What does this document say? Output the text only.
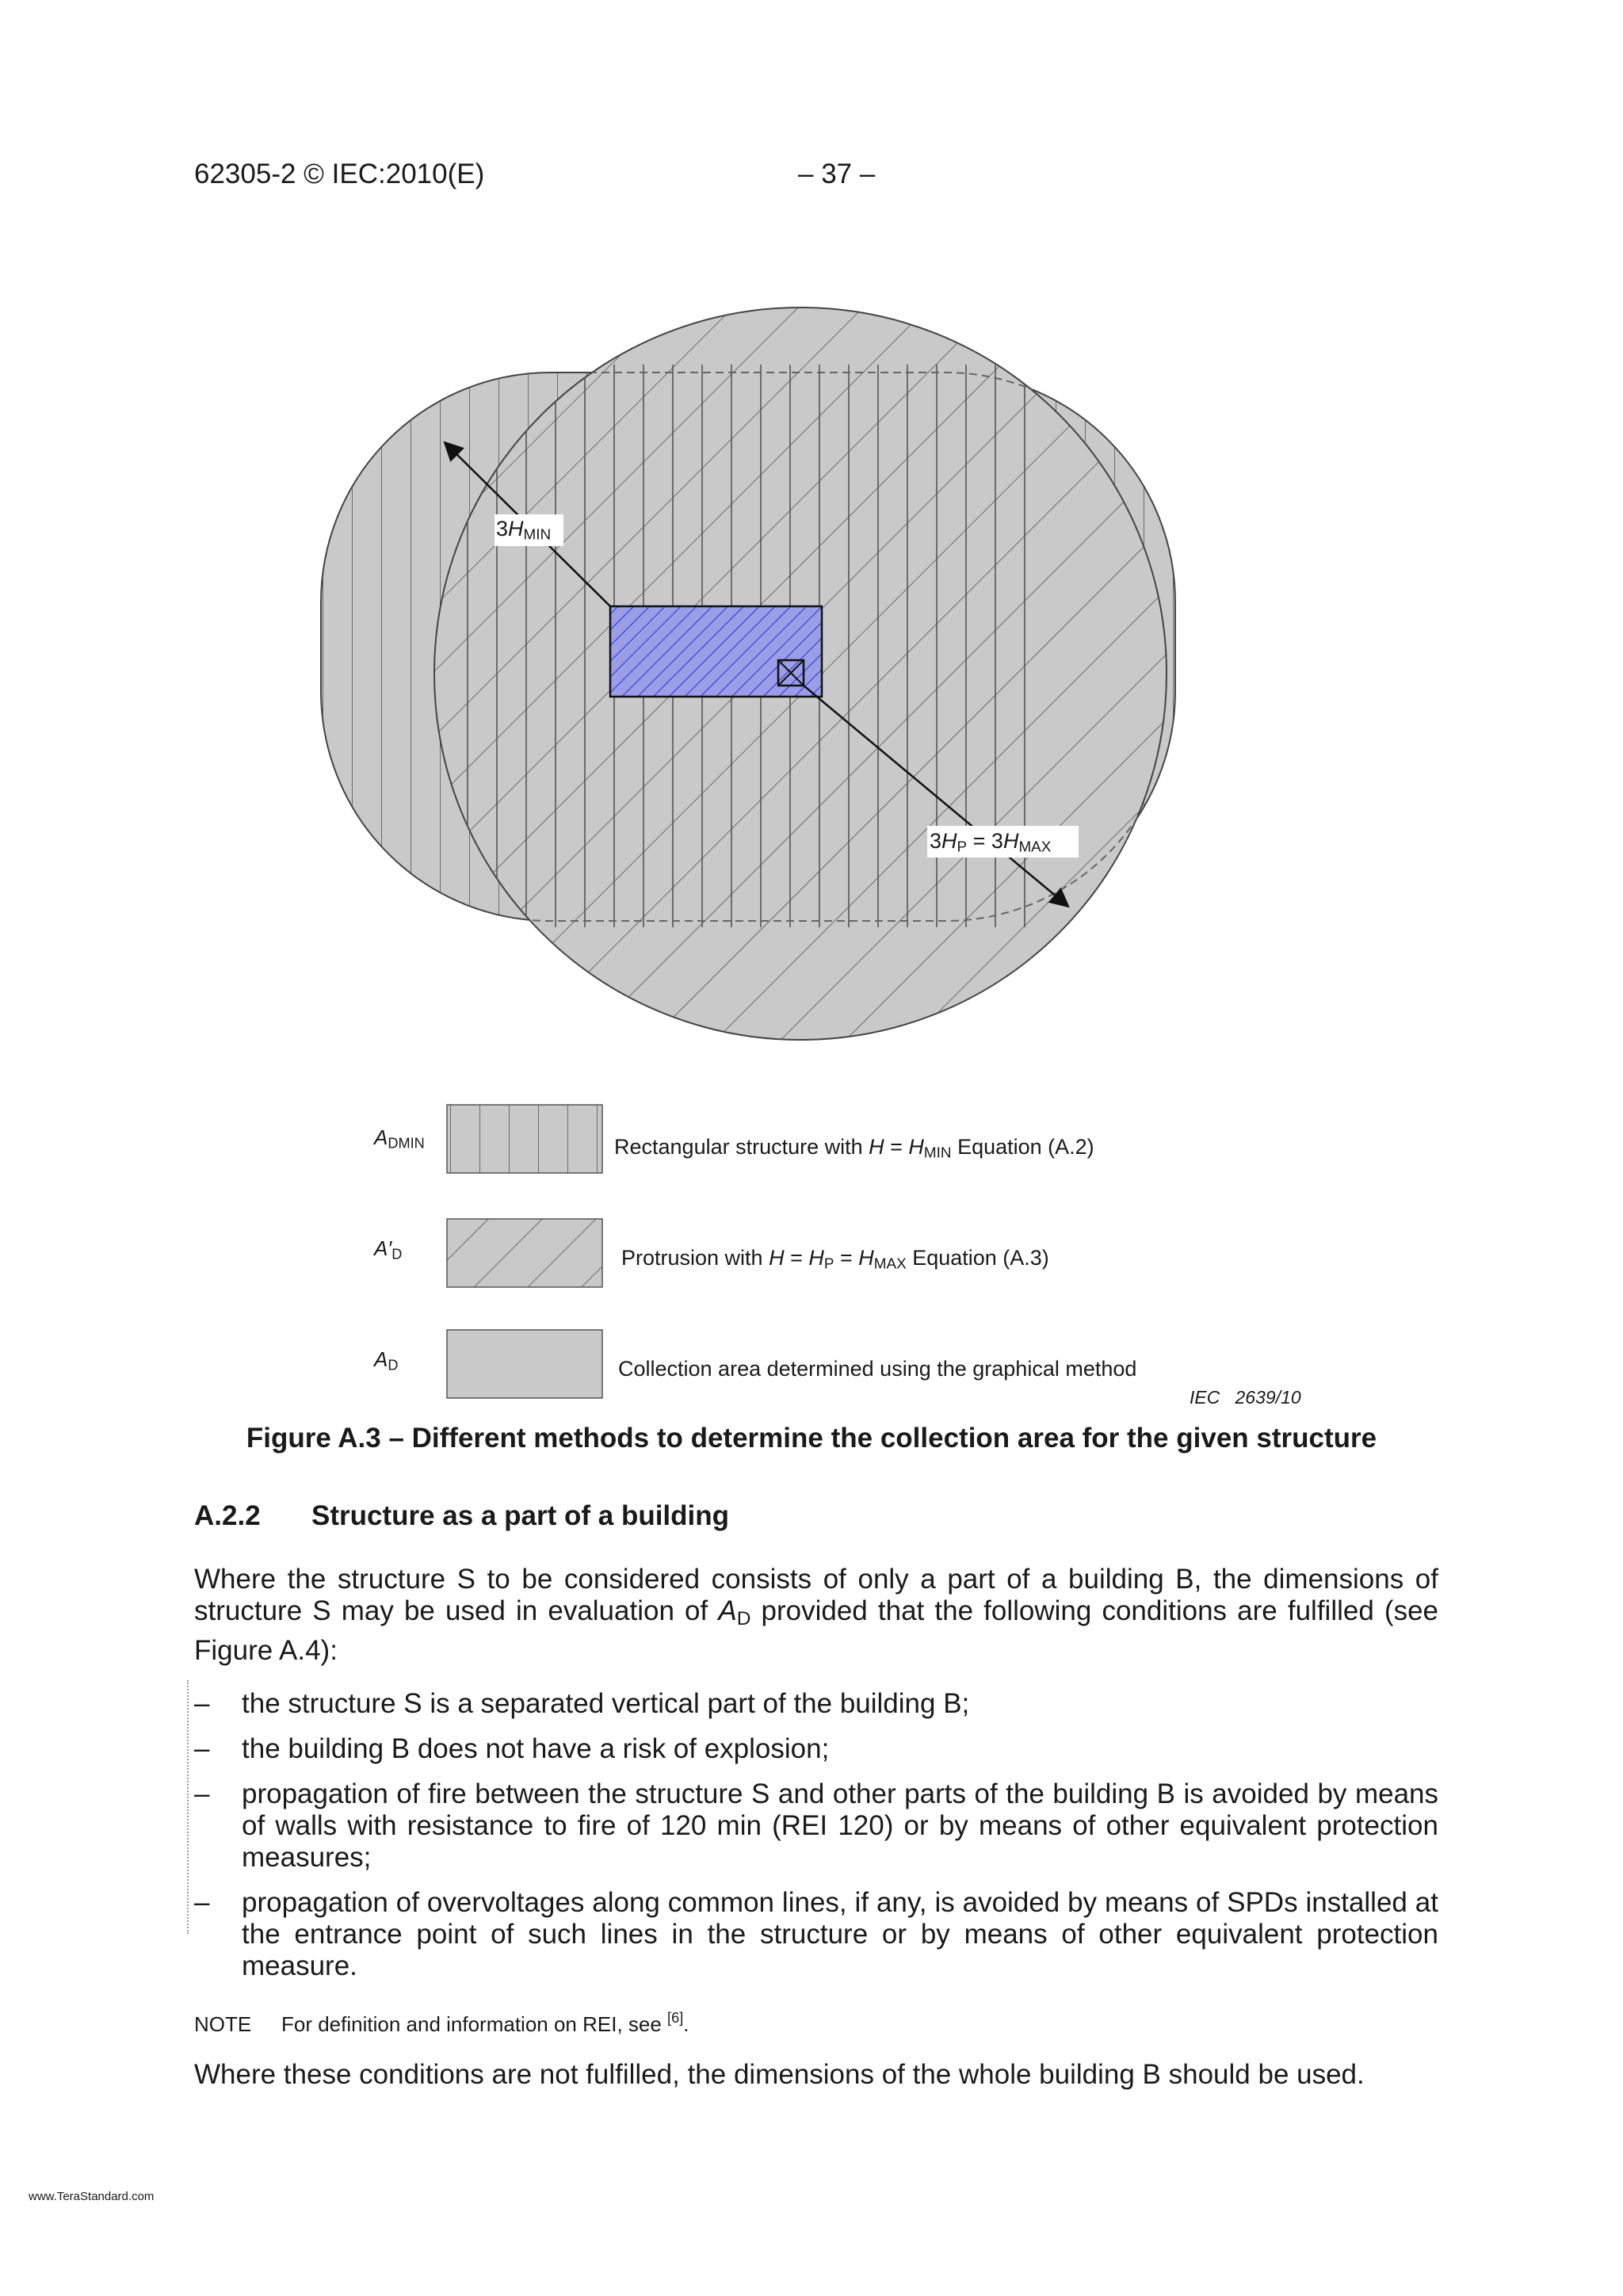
62305-2 © IEC:2010(E)	– 37 –
$3H_{MIN}$
$3H_P = 3H_{MAX}$
$A_{DMIN}$	Rectangular structure with $H = H_{MIN}$ Equation (A.2)
$A'_D$	Protrusion with $H = H_P = H_{MAX}$ Equation (A.3)
$A_D$	Collection area determined using the graphical method
IEC   2639/10
Figure A.3 – Different methods to determine the collection area for the given structure
A.2.2 Structure as a part of a building
Where the structure S to be considered consists of only a part of a building B, the dimensions of structure S may be used in evaluation of $A_D$ provided that the following conditions are fulfilled (see Figure A.4):
– the structure S is a separated vertical part of the building B;
– the building B does not have a risk of explosion;
– propagation of fire between the structure S and other parts of the building B is avoided by means of walls with resistance to fire of 120 min (REI 120) or by means of other equivalent protection measures;
– propagation of overvoltages along common lines, if any, is avoided by means of SPDs installed at the entrance point of such lines in the structure or by means of other equivalent protection measure.
NOTE For definition and information on REI, see [6].
Where these conditions are not fulfilled, the dimensions of the whole building B should be used.
www.TeraStandard.com
